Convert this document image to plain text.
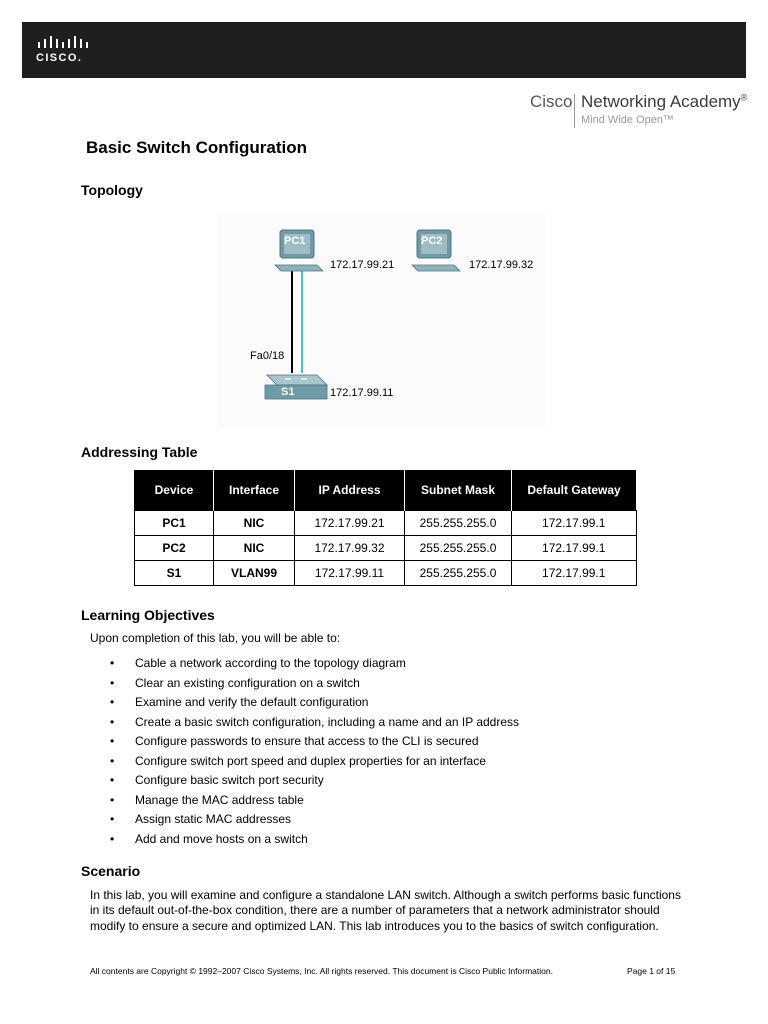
CISCO.
Cisco Networking Academy®
Mind Wide Open™
Basic Switch Configuration
Topology
PC1	PC2
S1
172.17.99.21	172.17.99.32
Fa0/18
172.17.99.11
Addressing Table
Device	Interface	IP Address	Subnet Mask	Default Gateway
PC1	NIC	172.17.99.21	255.255.255.0	172.17.99.1
PC2	NIC	172.17.99.32	255.255.255.0	172.17.99.1
S1	VLAN99	172.17.99.11	255.255.255.0	172.17.99.1
Learning Objectives
Upon completion of this lab, you will be able to:
• Cable a network according to the topology diagram
• Clear an existing configuration on a switch
• Examine and verify the default configuration
• Create a basic switch configuration, including a name and an IP address
• Configure passwords to ensure that access to the CLI is secured
• Configure switch port speed and duplex properties for an interface
• Configure basic switch port security
• Manage the MAC address table
• Assign static MAC addresses
• Add and move hosts on a switch
Scenario
In this lab, you will examine and configure a standalone LAN switch. Although a switch performs basic functions in its default out-of-the-box condition, there are a number of parameters that a network administrator should modify to ensure a secure and optimized LAN. This lab introduces you to the basics of switch configuration.
All contents are Copyright © 1992–2007 Cisco Systems, Inc. All rights reserved. This document is Cisco Public Information.	Page 1 of 15
